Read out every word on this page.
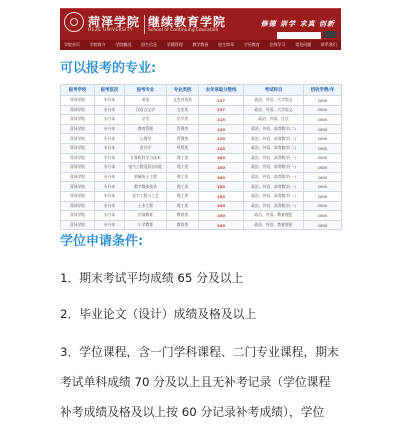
菏泽学院
HEZE UNIVERSITY
继续教育学院
School of Continuing Education
修德 崇学 求真 创新
学院首页 学院简介 学院概况 招生信息 学籍管理 教学教务 招生简章 学历教育 在线学习 常见问题 联系我们
可以报考的专业:
报考学校	报考层次	报考专业	专业类别	去年录取分数线	考试科目	招收学费/年
菏泽学院	专升本	英语	文史外语类	137	政治、外语、大学语文	2600
菏泽学院	专升本	汉语言文学	文史类	137	政治、外语、大学语文	2600
菏泽学院	专升本	法学	法学类	115	政治、外语、民法	2600
菏泽学院	专升本	教育管理	管理类	120	政治、外语、高等数学(二)	2600
菏泽学院	专升本	心理学	管理类	120	政治、外语、高等数学(二)	2600
菏泽学院	专升本	会计学	经管类	120	政治、外语、高等数学(二)	2600
菏泽学院	专升本	计算机科学与技术	理工类	100	政治、外语、高等数学(一)	2600
菏泽学院	专升本	电气工程及其自动化	理工类	100	政治、外语、高等数学(一)	2600
菏泽学院	专升本	机械电子工程	理工类	100	政治、外语、高等数学(一)	2600
菏泽学院	专升本	数字媒体技术	理工类	100	政治、外语、高等数学(一)	2600
菏泽学院	专升本	化学工程与工艺	理工类	100	政治、外语、高等数学(一)	2600
菏泽学院	专升本	土木工程	理工类	100	政治、外语、高等数学(一)	2600
菏泽学院	专升本	学前教育	教育类	100	政治、外语、教育理论	2600
菏泽学院	专升本	小学教育	教育类	100	政治、外语、教育理论	2600
学位申请条件:

1．期末考试平均成绩 65 分及以上

2．毕业论文（设计）成绩及格及以上

3．学位课程，含一门学科课程、二门专业课程，期末

考试单科成绩 70 分及以上且无补考记录（学位课程

补考成绩及格及以上按 60 分记录补考成绩），学位
